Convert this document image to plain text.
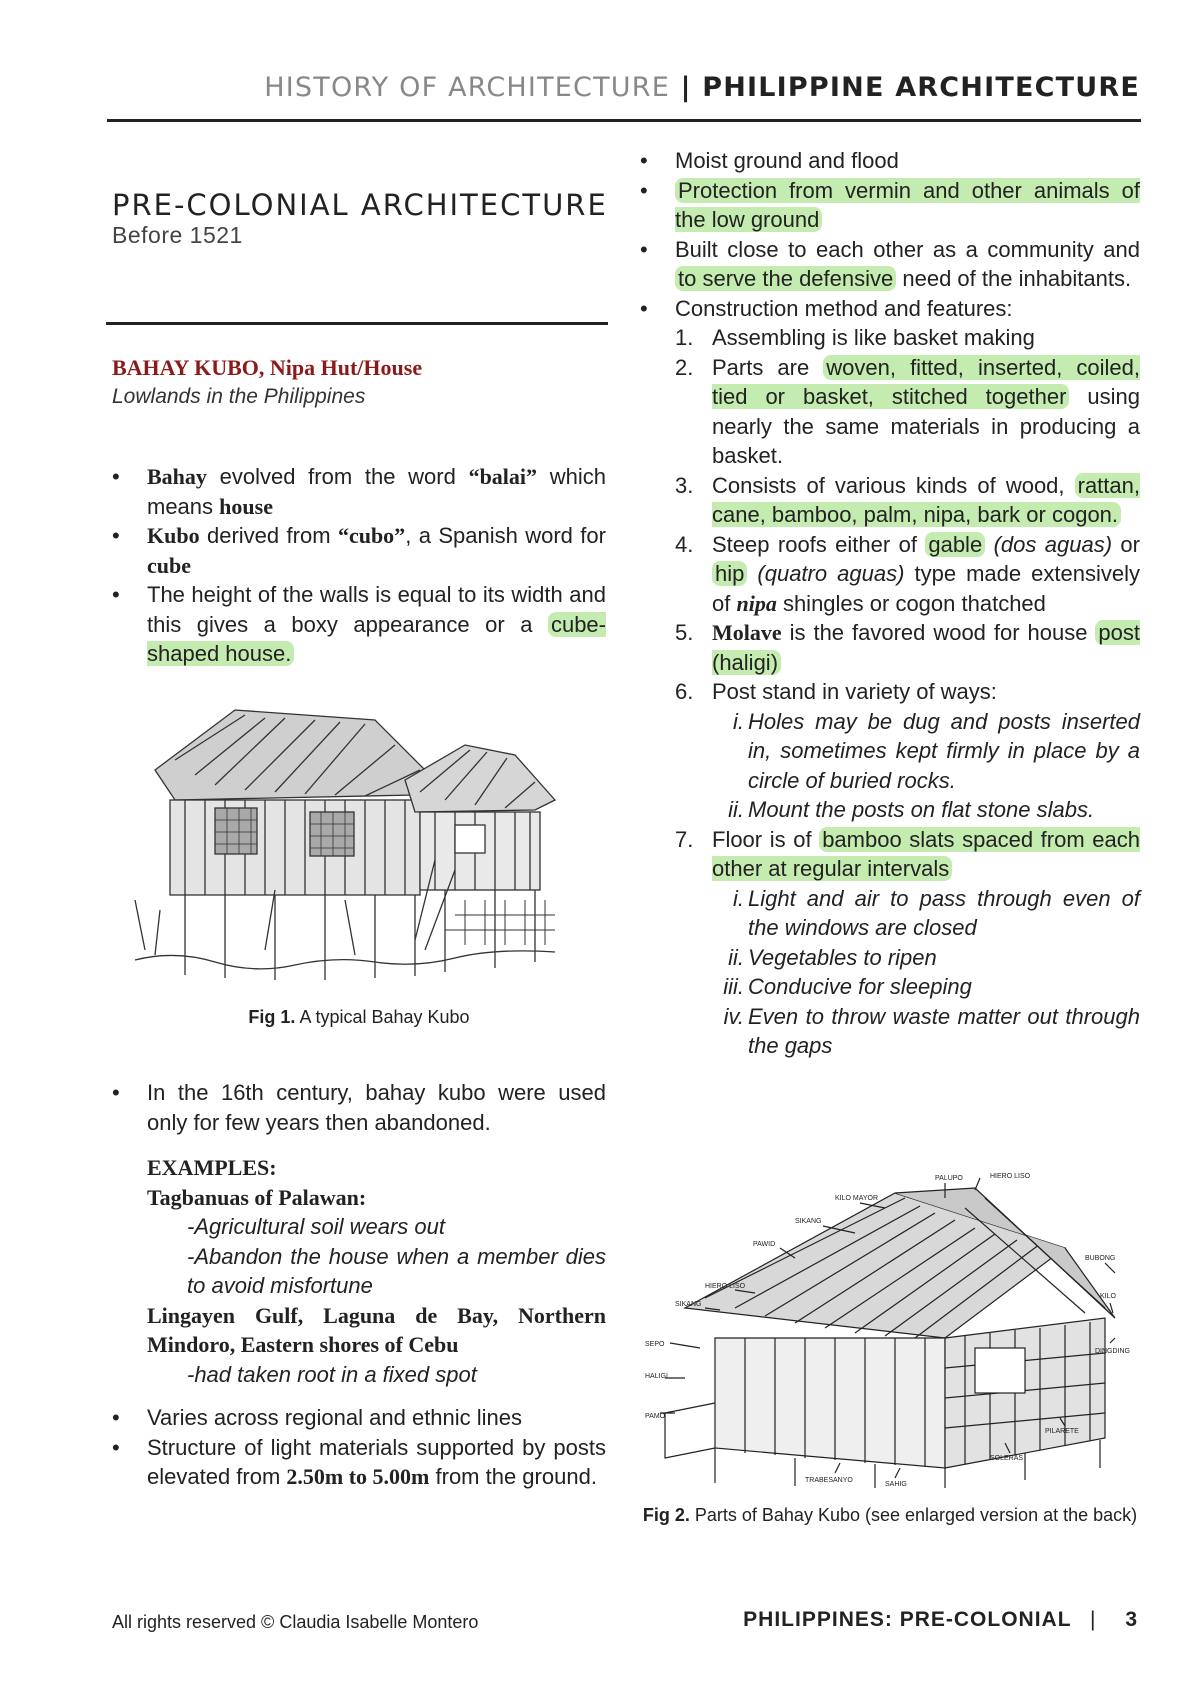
HISTORY OF ARCHITECTURE | PHILIPPINE ARCHITECTURE
PRE-COLONIAL ARCHITECTURE
Before 1521
BAHAY KUBO, Nipa Hut/House
Lowlands in the Philippines
• Bahay evolved from the word “balai” which means house
• Kubo derived from “cubo”, a Spanish word for cube
• The height of the walls is equal to its width and this gives a boxy appearance or a cube-shaped house.
Fig 1. A typical Bahay Kubo
• In the 16th century, bahay kubo were used only for few years then abandoned.
EXAMPLES:
Tagbanuas of Palawan:
-Agricultural soil wears out
-Abandon the house when a member dies to avoid misfortune
Lingayen Gulf, Laguna de Bay, Northern Mindoro, Eastern shores of Cebu
-had taken root in a fixed spot
• Varies across regional and ethnic lines
• Structure of light materials supported by posts elevated from 2.50m to 5.00m from the ground.
• Moist ground and flood
• Protection from vermin and other animals of the low ground
• Built close to each other as a community and to serve the defensive need of the inhabitants.
• Construction method and features:
1. Assembling is like basket making
2. Parts are woven, fitted, inserted, coiled, tied or basket, stitched together using nearly the same materials in producing a basket.
3. Consists of various kinds of wood, rattan, cane, bamboo, palm, nipa, bark or cogon.
4. Steep roofs either of gable (dos aguas) or hip (quatro aguas) type made extensively of nipa shingles or cogon thatched
5. Molave is the favored wood for house post (haligi)
6. Post stand in variety of ways:
i. Holes may be dug and posts inserted in, sometimes kept firmly in place by a circle of buried rocks.
ii. Mount the posts on flat stone slabs.
7. Floor is of bamboo slats spaced from each other at regular intervals
i. Light and air to pass through even of the windows are closed
ii. Vegetables to ripen
iii. Conducive for sleeping
iv. Even to throw waste matter out through the gaps
PALUPO	HIERO LISO
KILO MAYOR
SIKANG
PAWID
HIERO LISO
SIKANG
SEPO
HALIGI
PAMO
BUBONG
KILO
DINGDING
PILARETE
SOLERAS
SAHIG
TRABESANYO
Fig 2. Parts of Bahay Kubo (see enlarged version at the back)
All rights reserved © Claudia Isabelle Montero	PHILIPPINES: PRE-COLONIAL | 3
